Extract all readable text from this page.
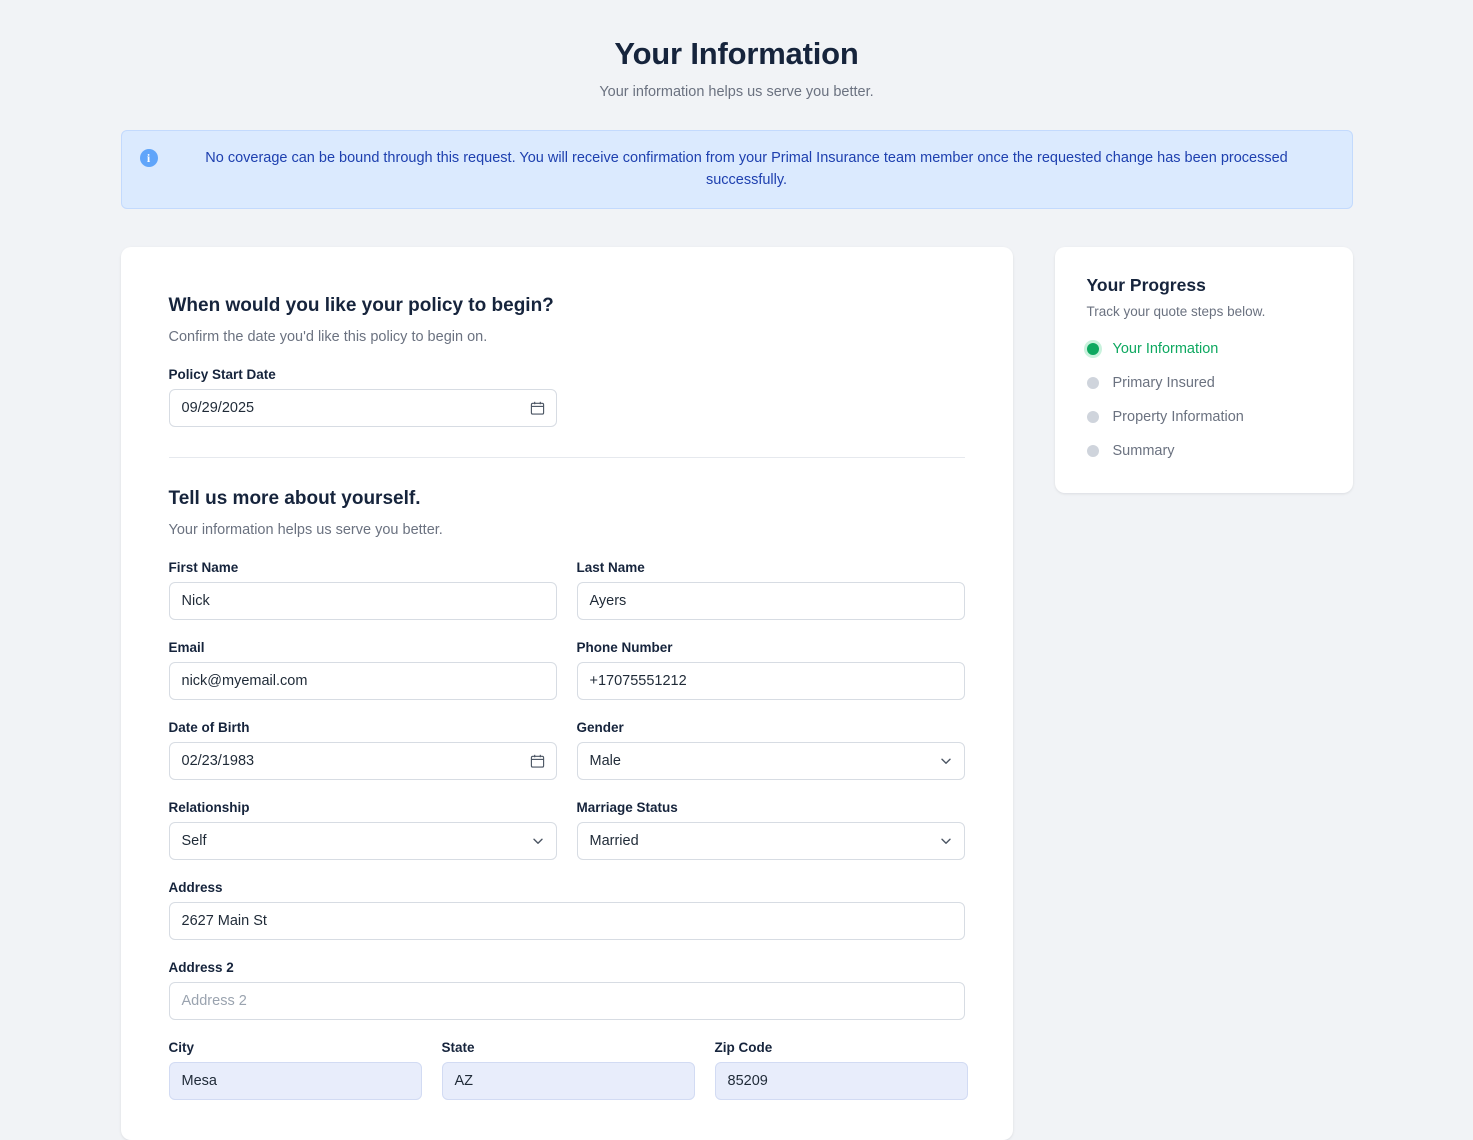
Your Information

Your information helps us serve you better.

i	No coverage can be bound through this request. You will receive confirmation from your Primal Insurance team member once the requested change has been processed successfully.
When would you like your policy to begin?

Confirm the date you'd like this policy to begin on.

Policy Start Date
09/29/2025
Tell us more about yourself.

Your information helps us serve you better.

First Name
Nick
Last Name
Ayers
Email
nick@myemail.com
Phone Number
+17075551212
Date of Birth
02/23/1983
Gender
Male
Relationship
Self
Marriage Status
Married
Address
2627 Main St
Address 2
Address 2
City
Mesa
State
AZ
Zip Code
85209
Your Progress

Track your quote steps below.

Your Information
Primary Insured
Property Information
Summary
